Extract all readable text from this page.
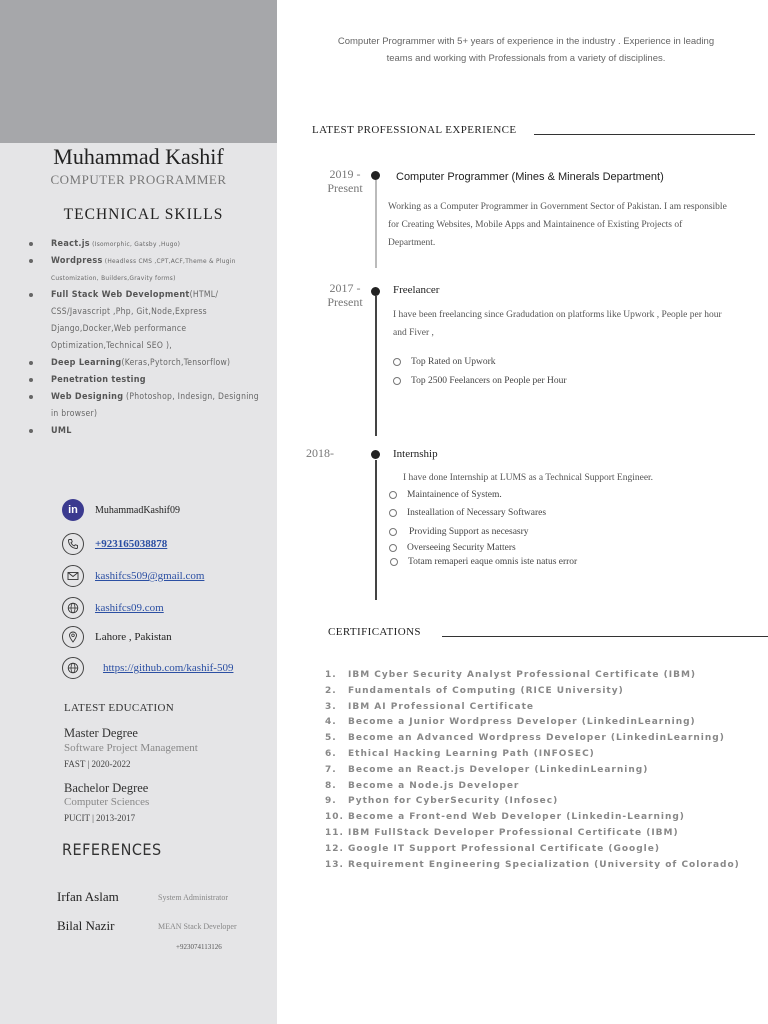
Muhammad Kashif
COMPUTER PROGRAMMER
TECHNICAL SKILLS
React.js (Isomorphic, Gatsby ,Hugo)
Wordpress (Headless CMS ,CPT,ACF,Theme & Plugin Customization, Builders,Gravity forms)
Full Stack Web Development(HTML/ CSS/Javascript ,Php, Git,Node,Express Django,Docker,Web performance Optimization,Technical SEO ),
Deep Learning(Keras,Pytorch,Tensorflow)
Penetration testing
Web Designing (Photoshop, Indesign, Designing in browser)
UML
in	MuhammadKashif09
+923165038878
kashifcs509@gmail.com
kashifcs09.com
Lahore , Pakistan
https://github.com/kashif-509
LATEST EDUCATION
Master Degree
Software Project Management
FAST | 2020-2022
Bachelor Degree
Computer Sciences
PUCIT | 2013-2017
REFERENCES
Irfan Aslam	System Administrator
Bilal Nazir	MEAN Stack Developer
+923074113126
Computer Programmer with 5+ years of experience in the industry . Experience in leading teams and working with Professionals from a variety of disciplines.
LATEST PROFESSIONAL EXPERIENCE
2019 -
Present
Computer Programmer (Mines & Minerals Department)
Working as a Computer Programmer in Government Sector of Pakistan. I am responsible for Creating Websites, Mobile Apps and Maintainence of Existing Projects of Department.
2017 -
Present
Freelancer
I have been freelancing since Gradudation on platforms like Upwork , People per hour and Fiver ,
Top Rated on Upwork
Top 2500 Feelancers on People per Hour
2018-	Internship
I have done Internship at LUMS as a Technical Support Engineer.
Maintainence of System.
Insteallation of Necessary Softwares
Providing Support as necesasry
Overseeing Security Matters
Totam remaperi eaque omnis iste natus error
CERTIFICATIONS
1.	IBM Cyber Security Analyst Professional Certificate (IBM)
2.	Fundamentals of Computing (RICE University)
3.	IBM AI Professional Certificate
4.	Become a Junior Wordpress Developer (LinkedinLearning)
5.	Become an Advanced Wordpress Developer (LinkedinLearning)
6.	Ethical Hacking Learning Path (INFOSEC)
7.	Become an React.js Developer (LinkedinLearning)
8.	Become a Node.js Developer
9.	Python for CyberSecurity (Infosec)
10. Become a Front-end Web Developer (Linkedin-Learning)
11. IBM FullStack Developer Professional Certificate (IBM)
12. Google IT Support Professional Certificate (Google)
13. Requirement Engineering Specialization (University of Colorado)
